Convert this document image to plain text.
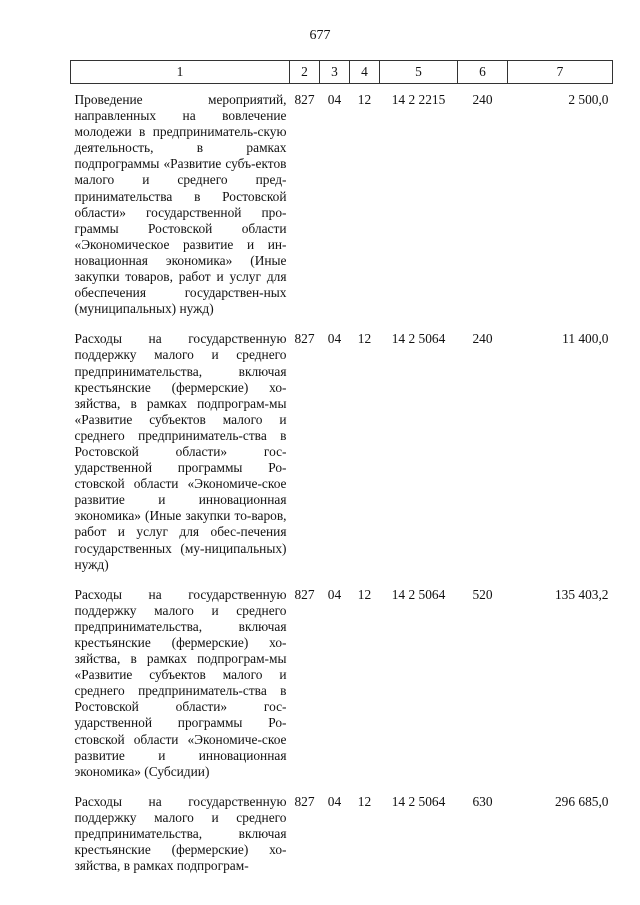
677
1	2	3	4	5	6	7
Проведение мероприятий, направленных на вовлечение молодежи в предприниматель-скую деятельность, в рамках подпрограммы «Развитие субъ-ектов малого и среднего пред-принимательства в Ростовской области» государственной про-граммы Ростовской области «Экономическое развитие и ин-новационная экономика» (Иные закупки товаров, работ и услуг для обеспечения государствен-ных (муниципальных) нужд)	827	04	12	14 2 2215	240	2 500,0
Расходы на государственную поддержку малого и среднего предпринимательства, включая крестьянские (фермерские) хо-зяйства, в рамках подпрограм-мы «Развитие субъектов малого и среднего предприниматель-ства в Ростовской области» гос-ударственной программы Ро-стовской области «Экономиче-ское развитие и инновационная экономика» (Иные закупки то-варов, работ и услуг для обес-печения государственных (му-ниципальных) нужд)	827	04	12	14 2 5064	240	11 400,0
Расходы на государственную поддержку малого и среднего предпринимательства, включая крестьянские (фермерские) хо-зяйства, в рамках подпрограм-мы «Развитие субъектов малого и среднего предприниматель-ства в Ростовской области» гос-ударственной программы Ро-стовской области «Экономиче-ское развитие и инновационная экономика» (Субсидии)	827	04	12	14 2 5064	520	135 403,2
Расходы на государственную поддержку малого и среднего предпринимательства, включая крестьянские (фермерские) хо-зяйства, в рамках подпрограм-	827	04	12	14 2 5064	630	296 685,0
